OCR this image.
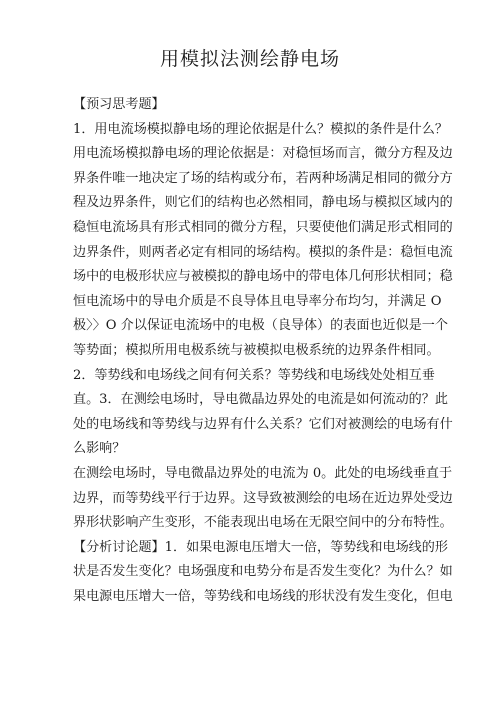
用模拟法测绘静电场
【预习思考题】
1．用电流场模拟静电场的理论依据是什么？模拟的条件是什么？
用电流场模拟静电场的理论依据是：对稳恒场而言，微分方程及边
界条件唯一地决定了场的结构或分布，若两种场满足相同的微分方
程及边界条件，则它们的结构也必然相同，静电场与模拟区域内的
稳恒电流场具有形式相同的微分方程，只要使他们满足形式相同的
边界条件，则两者必定有相同的场结构。模拟的条件是：稳恒电流
场中的电极形状应与被模拟的静电场中的带电体几何形状相同；稳
恒电流场中的导电介质是不良导体且电导率分布均匀，并满足 O
极〉〉O 介以保证电流场中的电极（良导体）的表面也近似是一个
等势面；模拟所用电极系统与被模拟电极系统的边界条件相同。
2．等势线和电场线之间有何关系？等势线和电场线处处相互垂
直。3．在测绘电场时，导电微晶边界处的电流是如何流动的？此
处的电场线和等势线与边界有什么关系？它们对被测绘的电场有什
么影响？
在测绘电场时，导电微晶边界处的电流为 0。此处的电场线垂直于
边界，而等势线平行于边界。这导致被测绘的电场在近边界处受边
界形状影响产生变形，不能表现出电场在无限空间中的分布特性。
【分析讨论题】1．如果电源电压增大一倍，等势线和电场线的形
状是否发生变化？电场强度和电势分布是否发生变化？为什么？如
果电源电压增大一倍，等势线和电场线的形状没有发生变化，但电
